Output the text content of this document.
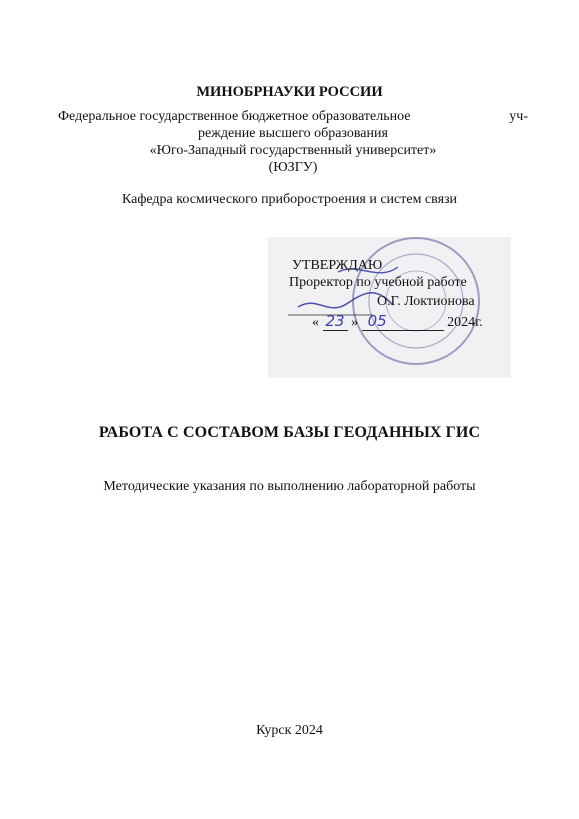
МИНОБРНАУКИ РОССИИ
Федеральное государственное бюджетное образовательное	уч-
реждение высшего образования
«Юго-Западный государственный университет»
(ЮЗГУ)
Кафедра космического приборостроения и систем связи
УТВЕРЖДАЮ
Проректор по учебной работе
О.Г. Локтионова
« 23 » 05	2024г.
РАБОТА С СОСТАВОМ БАЗЫ ГЕОДАННЫХ ГИС
Методические указания по выполнению лабораторной работы
Курск 2024
